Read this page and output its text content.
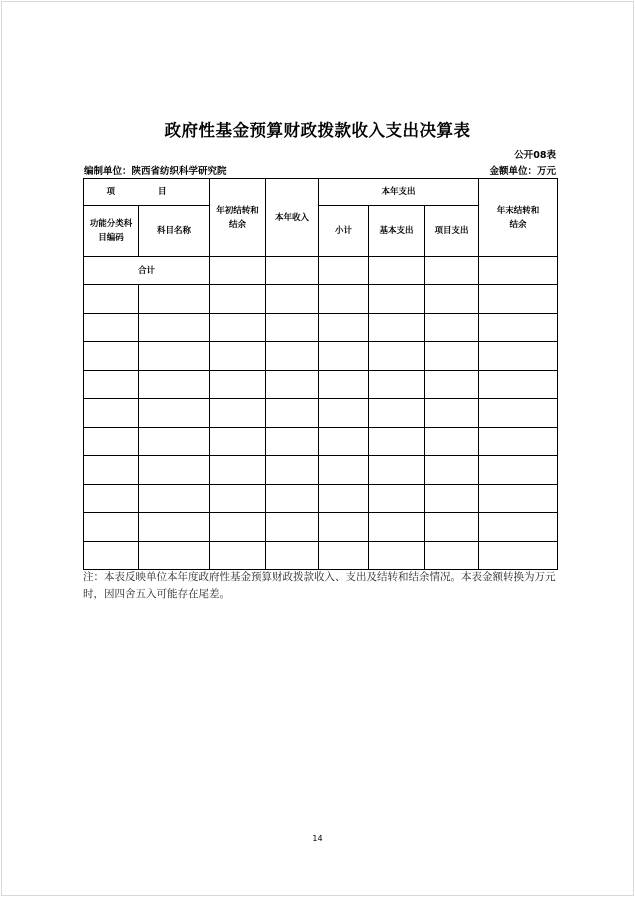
政府性基金预算财政拨款收入支出决算表
公开08表
编制单位：陕西省纺织科学研究院	金额单位：万元
项 目		年初结转和结余	本年收入	本年支出			年末结转和结余

功能分类科目编码	科目名称			小计	基本支出	项目支出	
合计							

注：本表反映单位本年度政府性基金预算财政拨款收入、支出及结转和结余情况。本表金额转换为万元时，因四舍五入可能存在尾差。
14
